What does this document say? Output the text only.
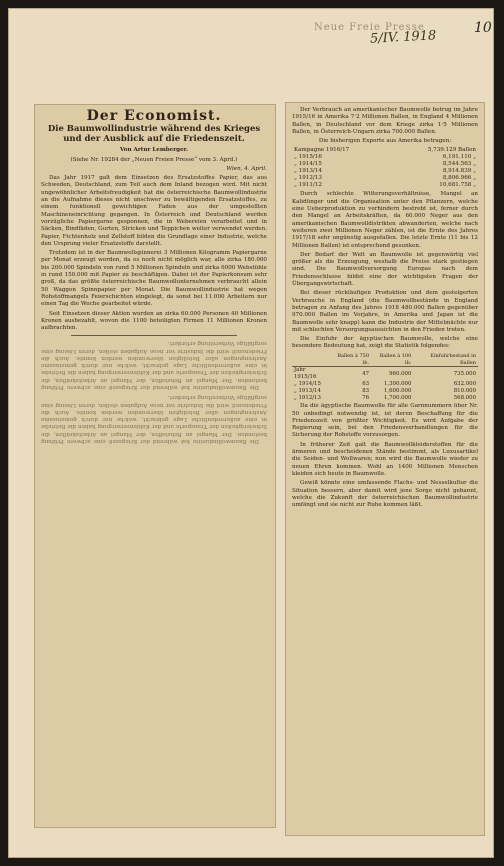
Neue Freie Presse
5/IV. 1918
10

Der Economist.

Die Baumwollindustrie während des Krieges und der Ausblick auf die Friedenszeit.

Von Artur Lemberger.

(Siehe Nr. 19284 der „Neuen Freien Presse“ vom 3. April.)

Wien, 4. April.

Das Jahr 1917 galt dem Einsetzen des Ersatzstoffes Papier, das aus Schweden, Deutschland, zum Teil auch dem Inland bezogen wird. Mit nicht ungewöhnlicher Arbeitsfreudigkeit hat die österreichische Baumwollindustrie an die Aufnahme dieses nicht unschwer zu bewältigenden Ersatzstoffes, zu einem funktionell gewichtigen Faden aus der umgestellten Maschineneinrichtung gegangen. In Österreich und Deutschland werden vorzügliche Papiergarne gesponnen, die in Webereien verarbeitet und in Säcken, Bindfäden, Gurten, Stricken und Teppichen weiter verwendet werden. Papier, Fichtenholz und Zellstoff bilden die Grundlage einer Industrie, welche den Ursprung vieler Ersatzstoffe darstellt.

Trotzdem ist in der Baumwollspinnerei 3 Millionen Kilogramm Papiergarne per Monat erzeugt worden, da es noch nicht möglich war, alle zirka 180.000 bis 200.000 Spindeln von rund 5 Millionen Spindeln und zirka 6000 Webstühle in rund 150.000 mit Papier zu beschäftigen. Dabei ist der Papierkonsum sehr groß, da das größte österreichische Baumwollunternehmen verbraucht allein 50 Waggon Spinnpapier per Monat. Die Baumwollindustrie hat wegen Rohstoffmangels Feierschichten eingelegt, da sonst bei 11.000 Arbeitern nur einen Tag die Woche gearbeitet würde.

Seit Einsetzen dieser Aktion wurden an zirka 60.000 Personen 40 Millionen Kronen ausbezahlt, wovon die 1100 beteiligten Firmen 11 Millionen Kronen aufbrachten.

Die Baumwollindustrie hat während der Kriegszeit eine schwere Prüfung bestanden. Der Mangel an Rohstoffen, der Mangel an Arbeitskräften, die Schwierigkeiten der Transporte und der Kohlenversorgung haben die Betriebe in eine außerordentliche Lage gebracht, welche nur durch gemeinsame Anstrengungen aller Beteiligten überwunden werden konnte. Auch die Friedenszeit wird die Industrie vor neue Aufgaben stellen, deren Lösung eine sorgfältige Vorbereitung erfordert.

Die Baumwollindustrie hat während der Kriegszeit eine schwere Prüfung bestanden. Der Mangel an Rohstoffen, der Mangel an Arbeitskräften, die Schwierigkeiten der Transporte und der Kohlenversorgung haben die Betriebe in eine außerordentliche Lage gebracht, welche nur durch gemeinsame Anstrengungen aller Beteiligten überwunden werden konnte. Auch die Friedenszeit wird die Industrie vor neue Aufgaben stellen, deren Lösung eine sorgfältige Vorbereitung erfordert.

Der Verbrauch an amerikanischer Baumwolle betrug im Jahre 1915/16 in Amerika 7·2 Millionen Ballen, in England 4 Millionen Ballen, in Deutschland vor dem Kriege zirka 1·5 Millionen Ballen, in Österreich-Ungarn zirka 700.000 Ballen.

Die bisherigen Exporte aus Amerika betragen:

Kampagne 1916/17	5,739.129 Ballen
„ 1915/16	6,191.110 „
„ 1914/15	8,544.563 „
„ 1913/14	8,914.839 „
„ 1912/13	8,806.966 „
„ 1911/12	10,681.758 „

Durch schlechte Witterungsverhältnisse, Mangel an Kalidünger und die Organisation unter den Pflanzern, welche eine Ueberproduktion zu verhindern bestrebt ist, ferner durch den Mangel an Arbeitskräften, da 60.000 Neger aus den amerikanischen Baumwolldistrikten abwanderten, welche nach weiteren zwei Millionen Neger zählen, ist die Ernte des Jahres 1917/18 sehr ungünstig ausgefallen. Die letzte Ernte (11 bis 12 Millionen Ballen) ist entsprechend gesunken.

Der Bedarf der Welt an Baumwolle ist gegenwärtig viel größer als die Erzeugung, weshalb die Preise stark gestiegen sind. Die Baumwollversorgung Europas nach dem Friedensschlusse bildet eine der wichtigsten Fragen der Übergangswirtschaft.

Bei dieser rückläufigen Produktion und dem gesteigerten Verbrauche in England (die Baumwollbestände in England betragen zu Anfang des Jahres 1918 480.000 Ballen gegenüber 970.000 Ballen im Vorjahre, in Amerika und Japan ist die Baumwolle sehr knapp) kann die Industrie der Mittelmächte nur mit schlechten Versorgungsaussichten in den Frieden treten.

Die Einfuhr der ägyptischen Baumwolle, welche eine besondere Bedeutung hat, zeigt die Statistik folgendes:

	Ballen à 750 lb.	Ballen à 100 lb.	Einfuhrbestand in Ballen
Jahr 1915/16	47	960.000	735.000
„ 1914/15	63	1,300.000	632.000
„ 1913/14	83	1,600.000	810.000
„ 1912/13	76	1,700.000	568.000

Da die ägyptische Baumwolle für alle Garnnummern über Nr. 50 unbedingt notwendig ist, ist deren Beschaffung für die Friedenszeit von größter Wichtigkeit. Es wird Aufgabe der Regierung sein, bei den Friedensverhandlungen für die Sicherung der Rohstoffe vorzusorgen.

In früherer Zeit galt die Baumwollkleiderstoffen für die ärmeren und bescheidenen Stände bestimmt, als Luxusartikel die Seiden- und Wollwaren; nun wird die Baumwolle wieder zu neuen Ehren kommen. Wohl an 1400 Millionen Menschen kleiden sich heute in Baumwolle.

Gewiß könnte eine umfassende Flachs- und Nesselkultur die Situation bessern, aber damit wird jene Sorge nicht gebannt, welche die Zukunft der österreichischen Baumwollindustrie umfängt und sie nicht zur Ruhe kommen läßt.
